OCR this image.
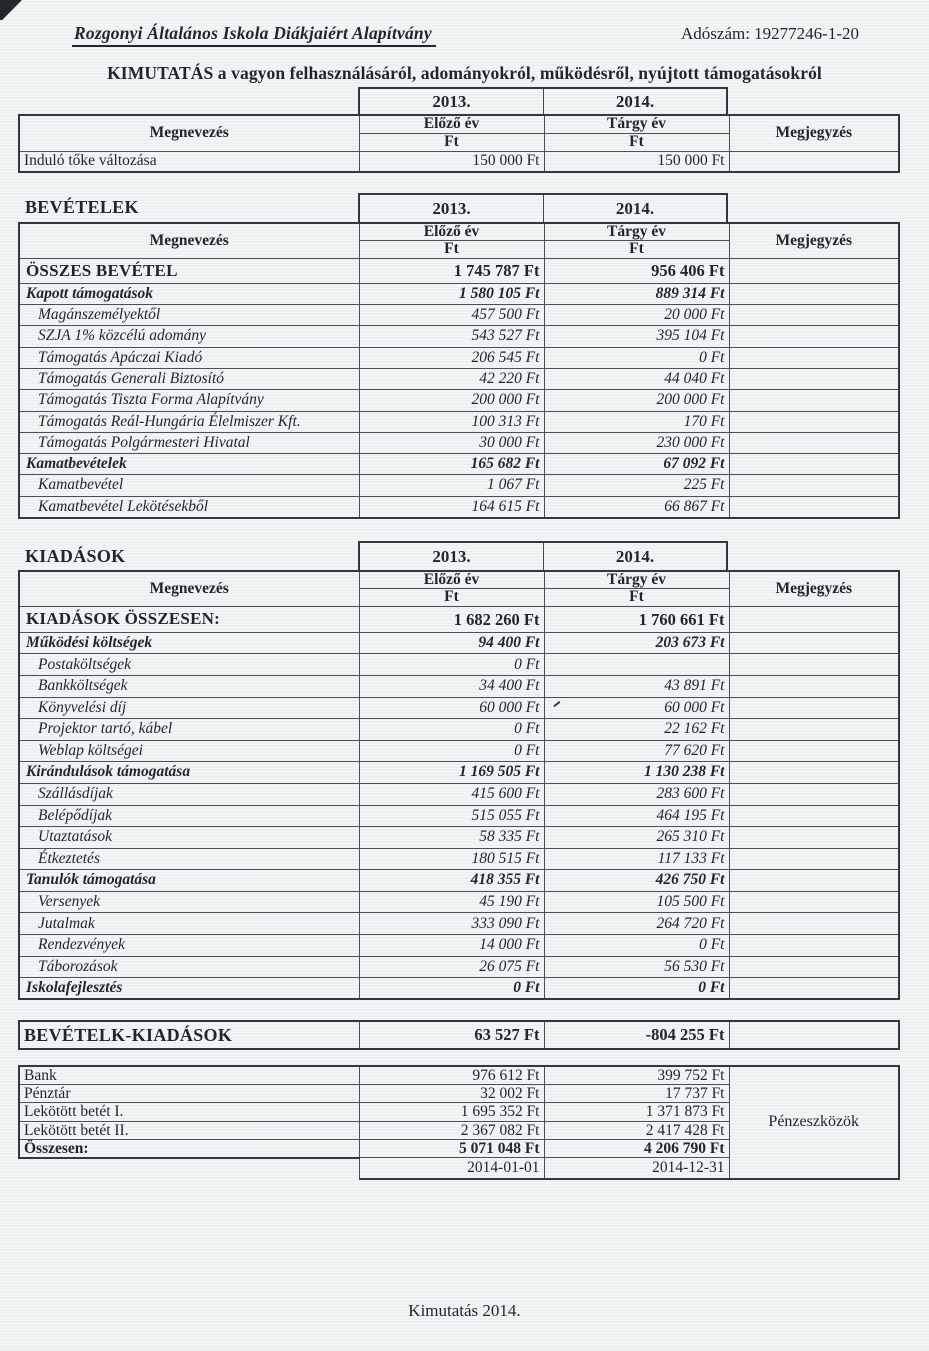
Rozgonyi Általános Iskola Diákjaiért Alapítvány	Adószám: 19277246-1-20
KIMUTATÁS a vagyon felhasználásáról, adományokról, működésről, nyújtott támogatásokról
2013.	2014.
Megnevezés	Előző év	Tárgy év	Megjegyzés
	Ft	Ft	
Induló tőke változása	150 000 Ft	150 000 Ft	
BEVÉTELEK	2013.	2014.
Megnevezés	Előző év	Tárgy év	Megjegyzés
	Ft	Ft	
ÖSSZES BEVÉTEL	1 745 787 Ft	956 406 Ft	
Kapott támogatások	1 580 105 Ft	889 314 Ft	
Magánszemélyektől	457 500 Ft	20 000 Ft	
SZJA 1% közcélú adomány	543 527 Ft	395 104 Ft	
Támogatás Apáczai Kiadó	206 545 Ft	0 Ft	
Támogatás Generali Biztosító	42 220 Ft	44 040 Ft	
Támogatás Tiszta Forma Alapítvány	200 000 Ft	200 000 Ft	
Támogatás Reál-Hungária Élelmiszer Kft.	100 313 Ft	170 Ft	
Támogatás Polgármesteri Hivatal	30 000 Ft	230 000 Ft	
Kamatbevételek	165 682 Ft	67 092 Ft	
Kamatbevétel	1 067 Ft	225 Ft	
Kamatbevétel Lekötésekből	164 615 Ft	66 867 Ft	
KIADÁSOK	2013.	2014.
Megnevezés	Előző év	Tárgy év	Megjegyzés
	Ft	Ft	
KIADÁSOK ÖSSZESEN:	1 682 260 Ft	1 760 661 Ft	
Működési költségek	94 400 Ft	203 673 Ft	
Postaköltségek	0 Ft		
Bankköltségek	34 400 Ft	43 891 Ft	
Könyvelési díj	60 000 Ft	60 000 Ft	
Projektor tartó, kábel	0 Ft	22 162 Ft	
Weblap költségei	0 Ft	77 620 Ft	
Kirándulások támogatása	1 169 505 Ft	1 130 238 Ft	
Szállásdíjak	415 600 Ft	283 600 Ft	
Belépődíjak	515 055 Ft	464 195 Ft	
Utaztatások	58 335 Ft	265 310 Ft	
Étkeztetés	180 515 Ft	117 133 Ft	
Tanulók támogatása	418 355 Ft	426 750 Ft	
Versenyek	45 190 Ft	105 500 Ft	
Jutalmak	333 090 Ft	264 720 Ft	
Rendezvények	14 000 Ft	0 Ft	
Táborozások	26 075 Ft	56 530 Ft	
Iskolafejlesztés	0 Ft	0 Ft	
BEVÉTELK-KIADÁSOK	63 527 Ft	-804 255 Ft	
Bank	976 612 Ft	399 752 Ft	Pénzeszközök
Pénztár	32 002 Ft	17 737 Ft	
Lekötött betét I.	1 695 352 Ft	1 371 873 Ft	
Lekötött betét II.	2 367 082 Ft	2 417 428 Ft	
Összesen:	5 071 048 Ft	4 206 790 Ft	
	2014-01-01	2014-12-31	
Kimutatás 2014.
